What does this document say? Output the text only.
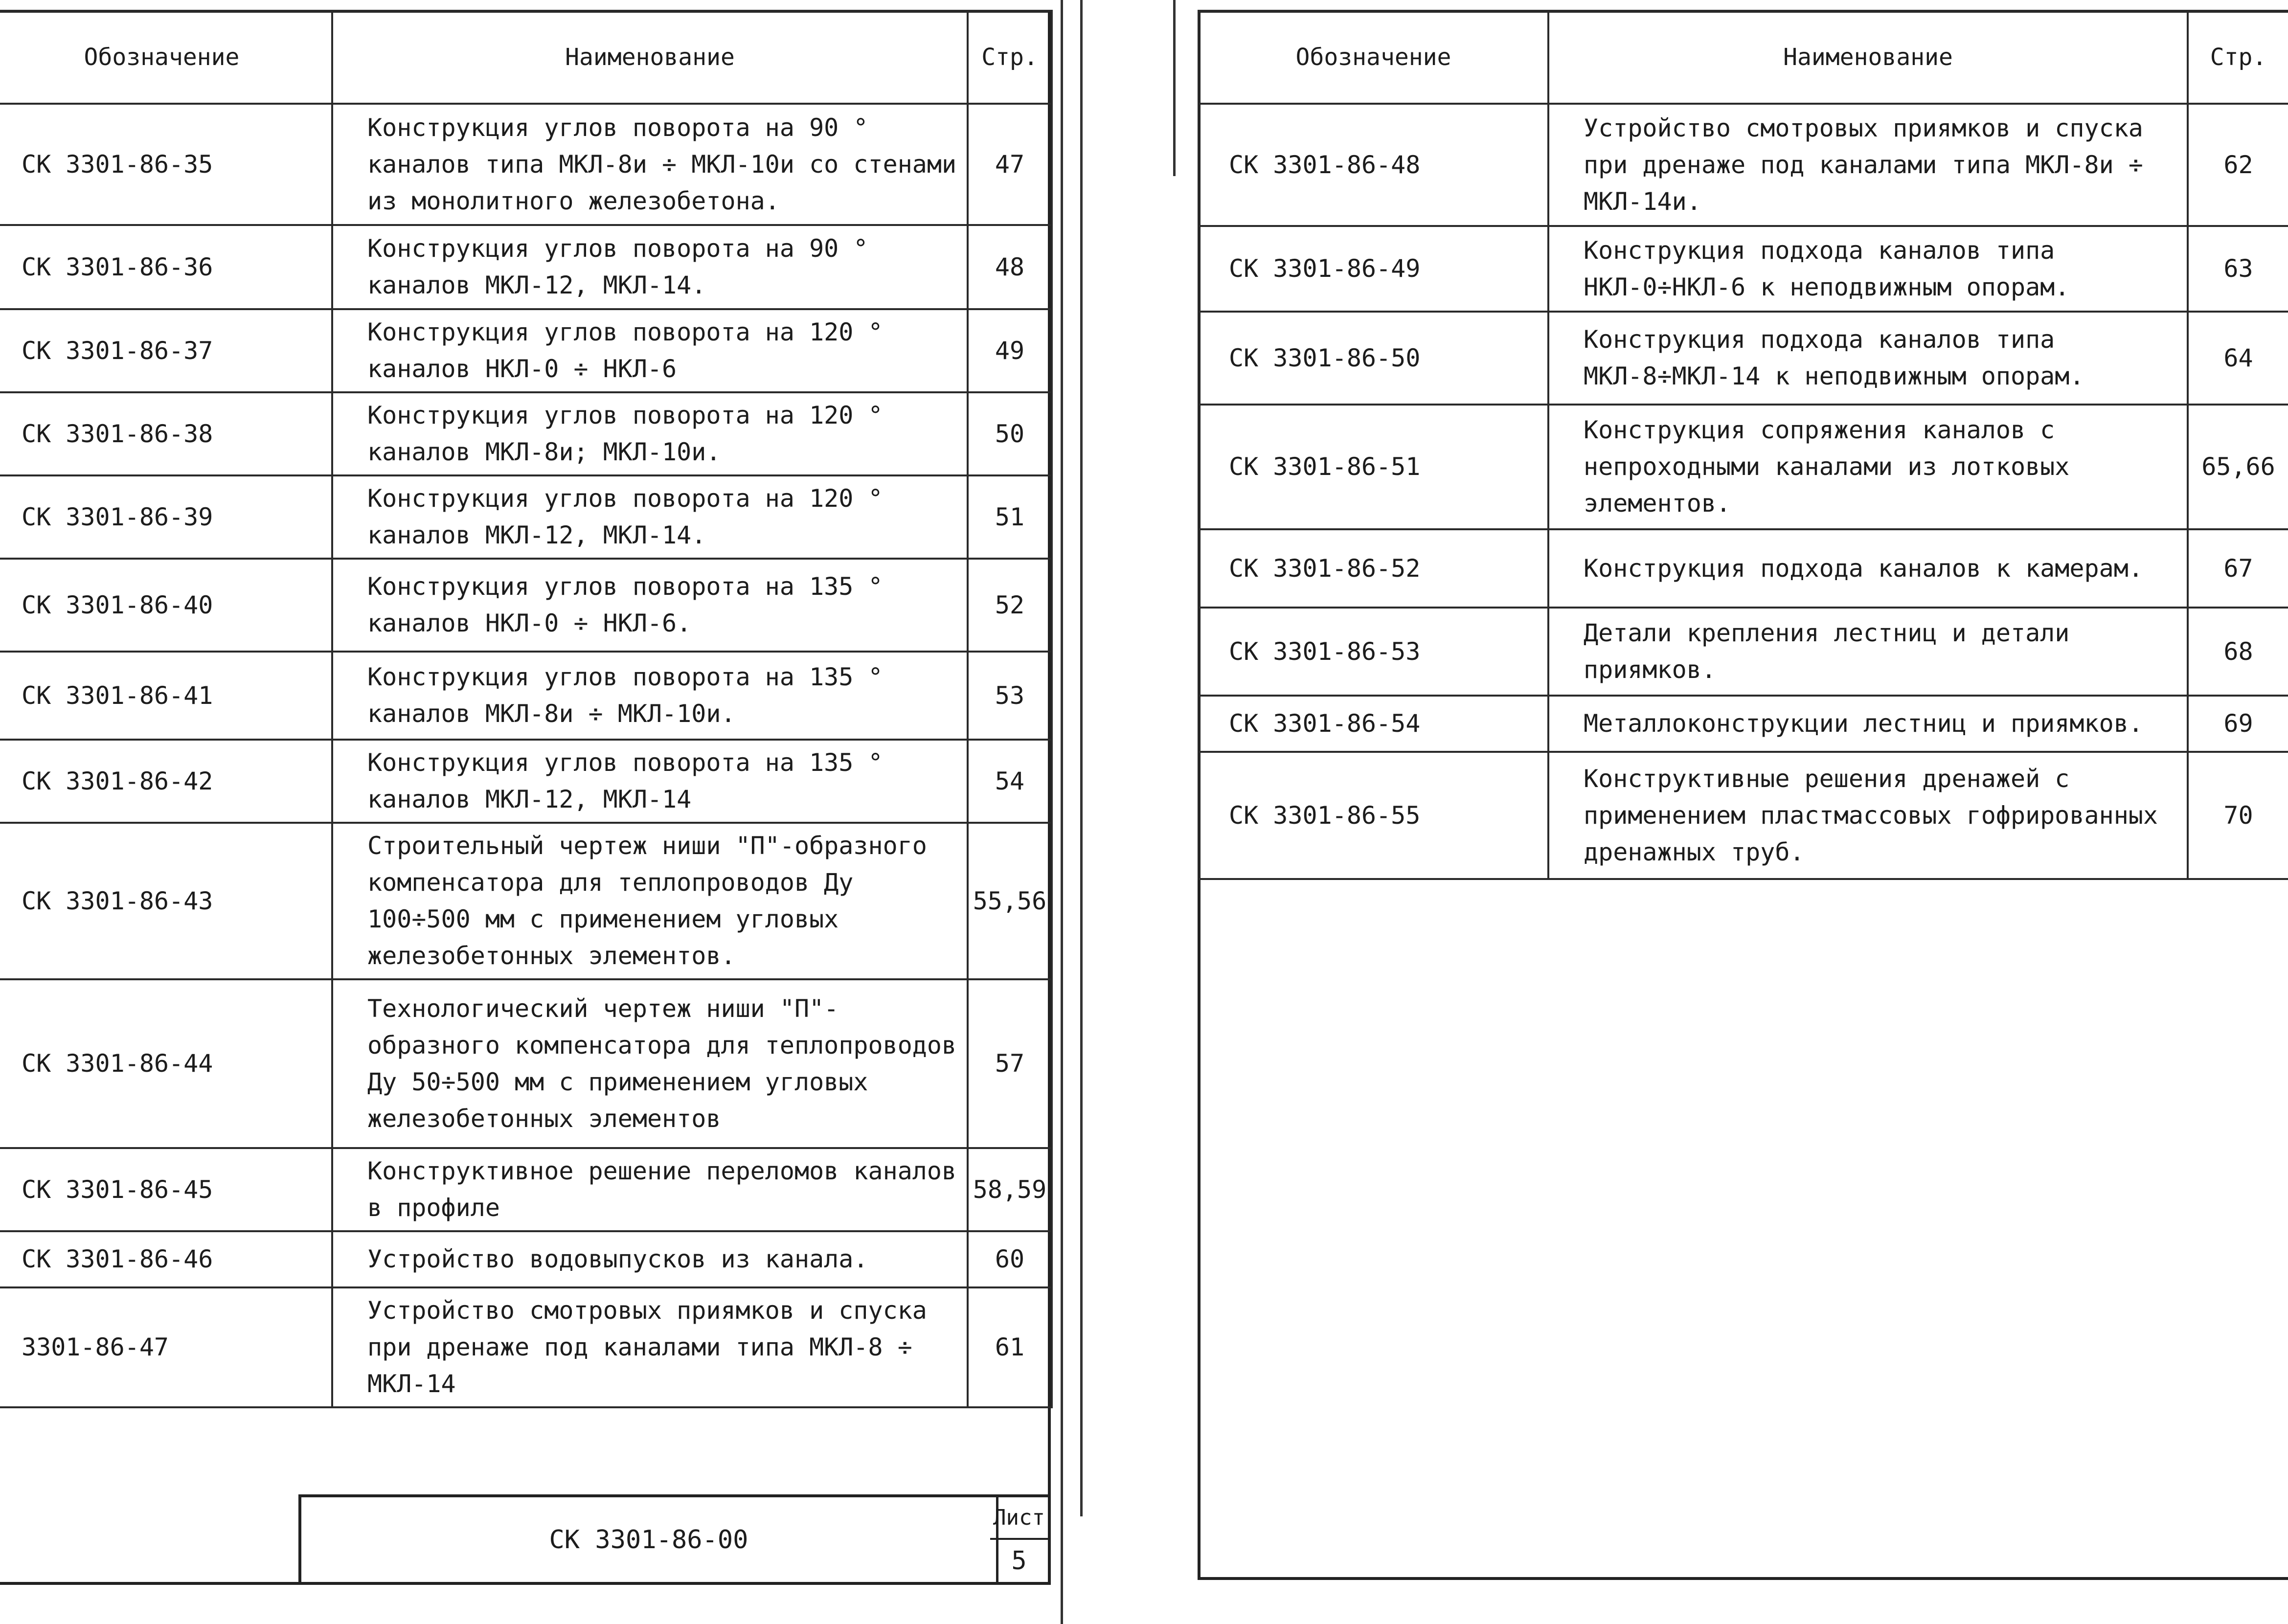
Обозначение	Наименование	Стр.
СК 3301-86-35	Конструкция углов поворота на 90 ° каналов типа МКЛ-8и ÷ МКЛ-10и со стенами из монолитного железобетона.	47
СК 3301-86-36	Конструкция углов поворота на 90 ° каналов МКЛ-12, МКЛ-14.	48
СК 3301-86-37	Конструкция углов поворота на 120 ° каналов НКЛ-0 ÷ НКЛ-6	49
СК 3301-86-38	Конструкция углов поворота на 120 ° каналов МКЛ-8и; МКЛ-10и.	50
СК 3301-86-39	Конструкция углов поворота на 120 ° каналов МКЛ-12, МКЛ-14.	51
СК 3301-86-40	Конструкция углов поворота на 135 ° каналов НКЛ-0 ÷ НКЛ-6.	52
СК 3301-86-41	Конструкция углов поворота на 135 ° каналов МКЛ-8и ÷ МКЛ-10и.	53
СК 3301-86-42	Конструкция углов поворота на 135 ° каналов МКЛ-12, МКЛ-14	54
СК 3301-86-43	Строительный чертеж ниши "П"-образного компенсатора для теплопроводов Ду 100÷500 мм с применением угловых железобетонных элементов.	55,56
СК 3301-86-44	Технологический чертеж ниши "П"-образного компенсатора для теплопроводов Ду 50÷500 мм с применением угловых железобетонных элементов	57
СК 3301-86-45	Конструктивное решение переломов каналов в профиле	58,59
СК 3301-86-46	Устройство водовыпусков из канала.	60
3301-86-47	Устройство смотровых приямков и спуска при дренаже под каналами типа МКЛ-8 ÷ МКЛ-14	61
СК 3301-86-00
Лист
5
Обозначение	Наименование	Стр.
СК 3301-86-48	Устройство смотровых приямков и спуска при дренаже под каналами типа МКЛ-8и ÷ МКЛ-14и.	62
СК 3301-86-49	Конструкция подхода каналов типа НКЛ-0÷НКЛ-6 к неподвижным опорам.	63
СК 3301-86-50	Конструкция подхода каналов типа МКЛ-8÷МКЛ-14 к неподвижным опорам.	64
СК 3301-86-51	Конструкция сопряжения каналов с непроходными каналами из лотковых элементов.	65,66
СК 3301-86-52	Конструкция подхода каналов к камерам.	67
СК 3301-86-53	Детали крепления лестниц и детали приямков.	68
СК 3301-86-54	Металлоконструкции лестниц и приямков.	69
СК 3301-86-55	Конструктивные решения дренажей с применением пластмассовых гофрированных дренажных труб.	70
